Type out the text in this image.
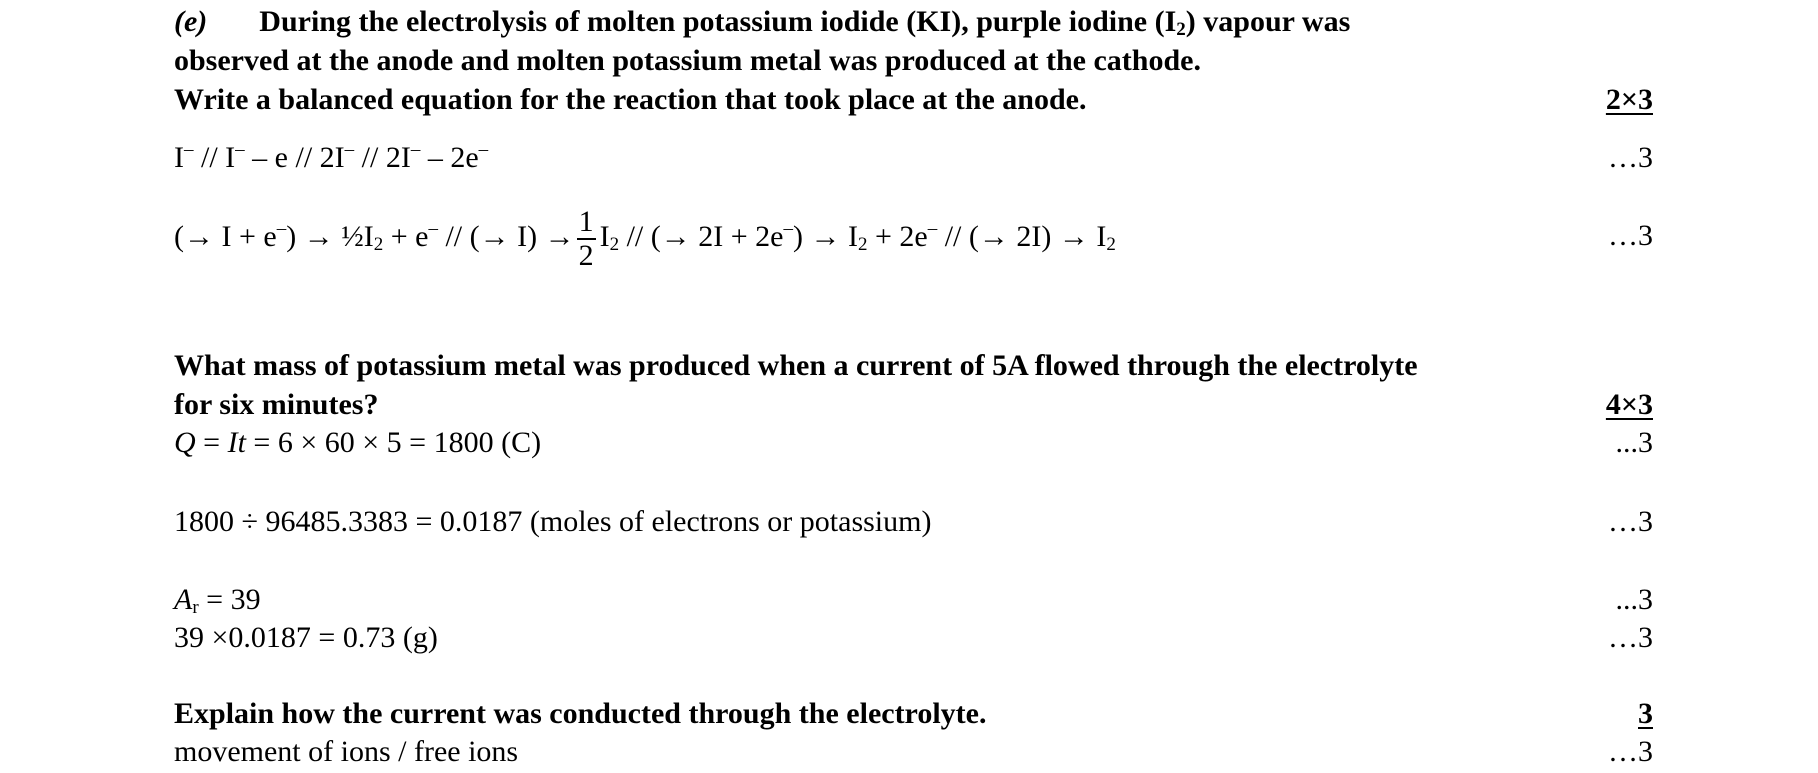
(e) During the electrolysis of molten potassium iodide (KI), purple iodine $(I_2)$ vapour was
observed at the anode and molten potassium metal was produced at the cathode.
Write a balanced equation for the reaction that took place at the anode.	2×3
I– // I– – e // 2I– // 2I– – 2e–	…3
(→ $I + e^-) \to \frac{1}{2}I_2 + e^-$ // (→ $I) \to \frac{1}{2} I_2$ // (→ $2I + 2e^-) \to I_2 + 2e^-$ // (→ $2I) \to I_2$	…3
What mass of potassium metal was produced when a current of 5A flowed through the electrolyte
for six minutes?	4×3
Q = It = 6 × 60 × 5 = 1800 (C)	...3
1800 ÷ 96485.3383 = 0.0187 (moles of electrons or potassium)	…3
$A_r = 39$	...3
39 ×0.0187 = 0.73 (g)	…3
Explain how the current was conducted through the electrolyte.	3
movement of ions / free ions	…3
